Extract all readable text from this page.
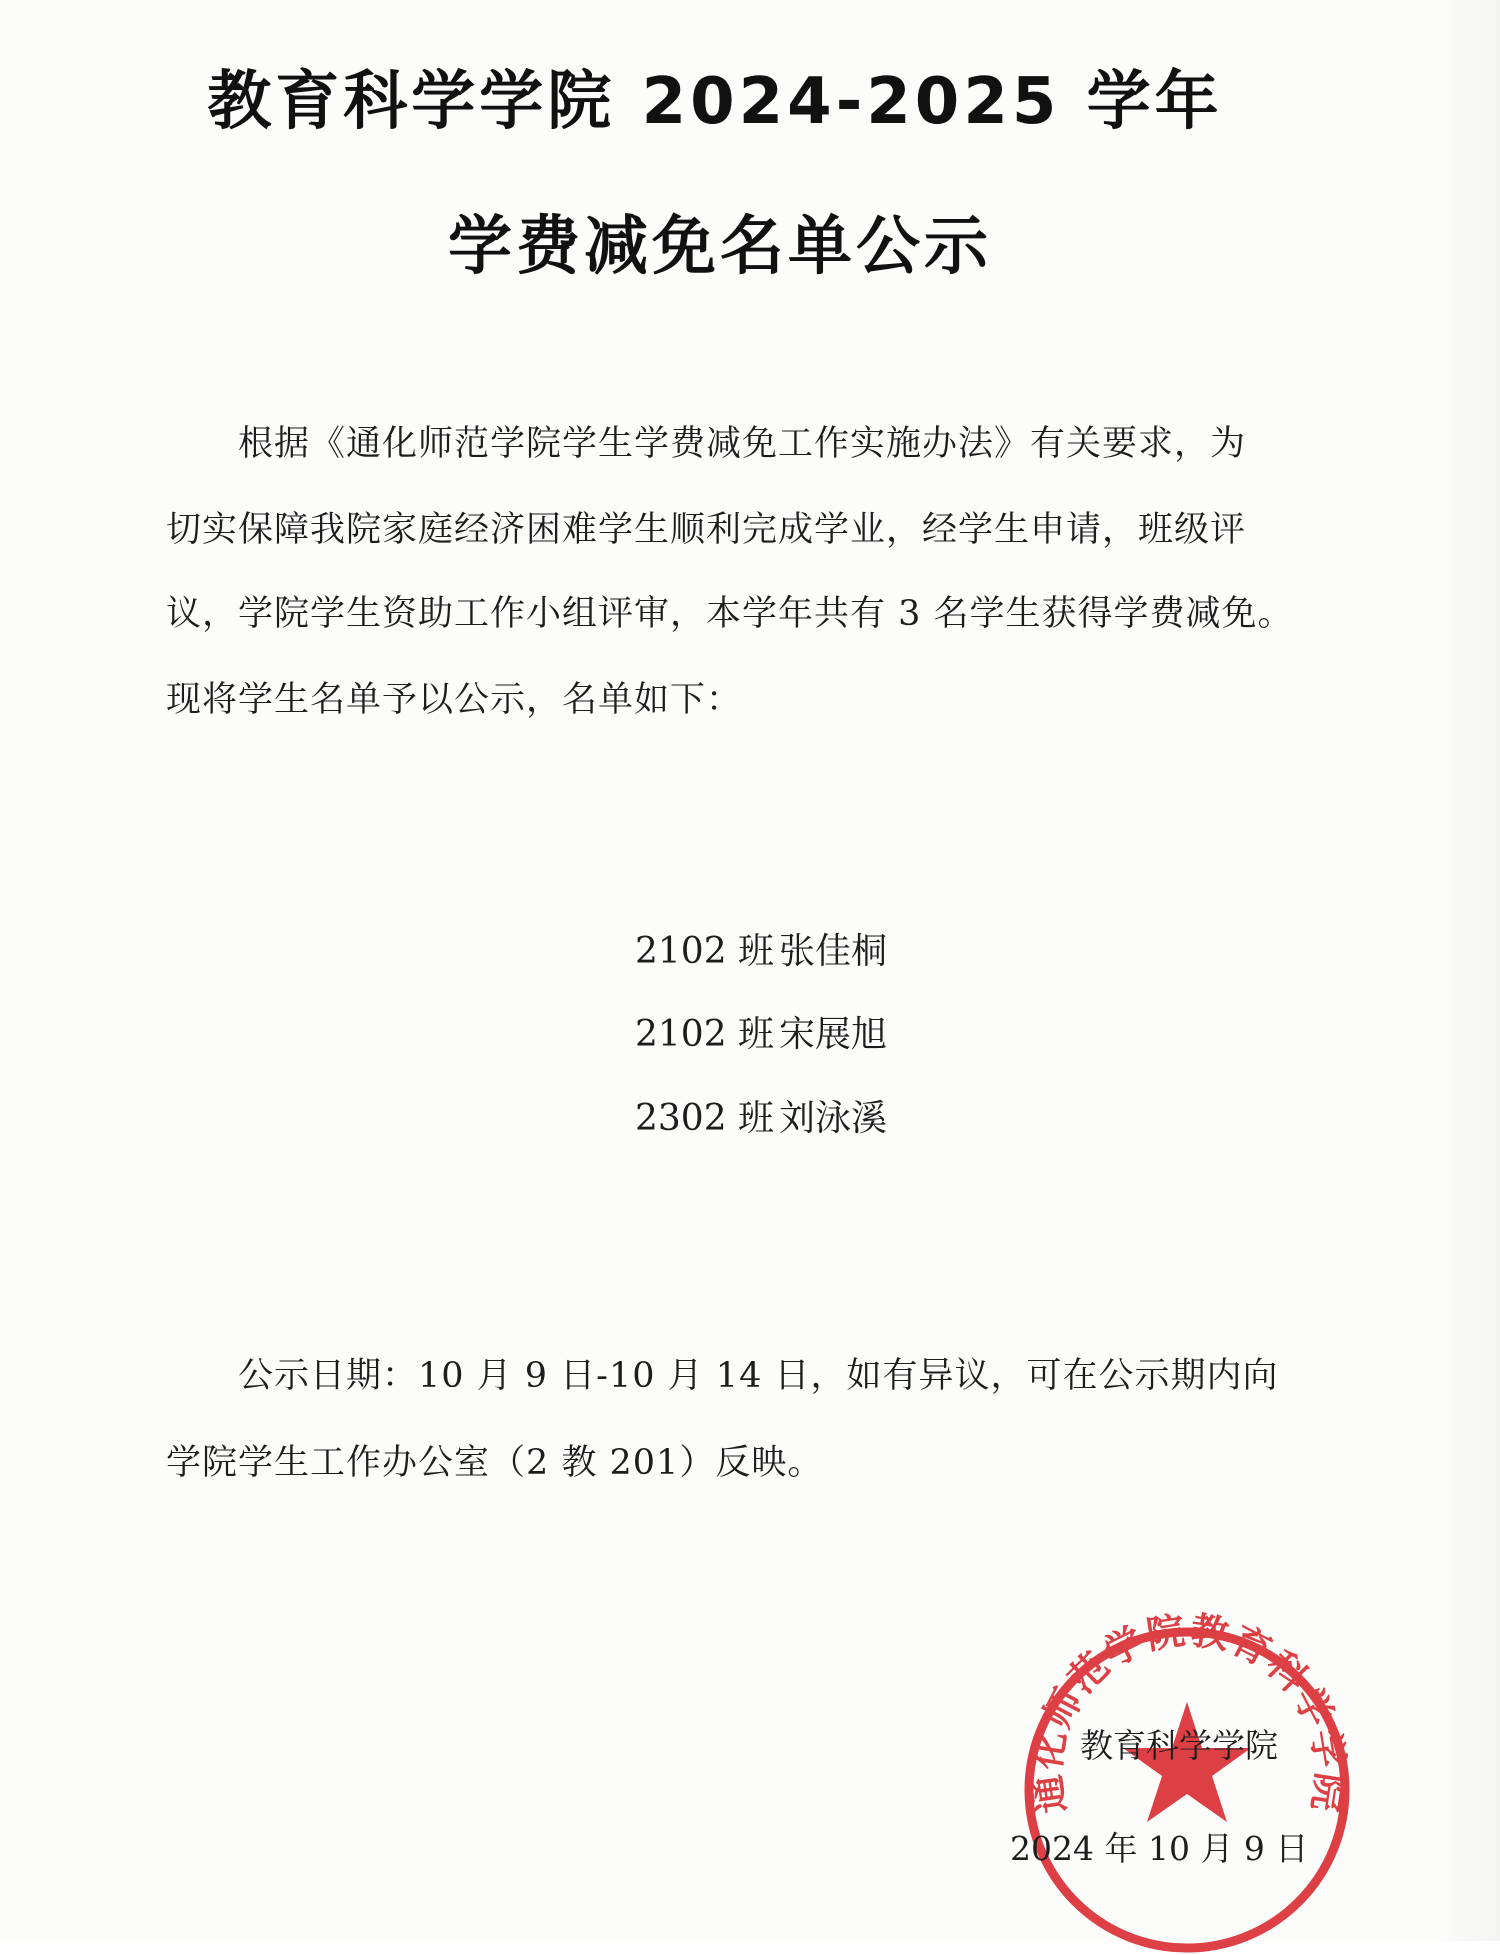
教育科学学院 2024-2025 学年
学费减免名单公示
根据《通化师范学院学生学费减免工作实施办法》有关要求，为
切实保障我院家庭经济困难学生顺利完成学业，经学生申请，班级评
议，学院学生资助工作小组评审，本学年共有 3 名学生获得学费减免。
现将学生名单予以公示，名单如下：
2102 班 张佳桐
2102 班 宋展旭
2302 班 刘泳溪
公示日期：10 月 9 日-10 月 14 日，如有异议，可在公示期内向
学院学生工作办公室（2 教 201）反映。
通化师范学院教育科学学院
教育科学学院
2024 年 10 月 9 日
